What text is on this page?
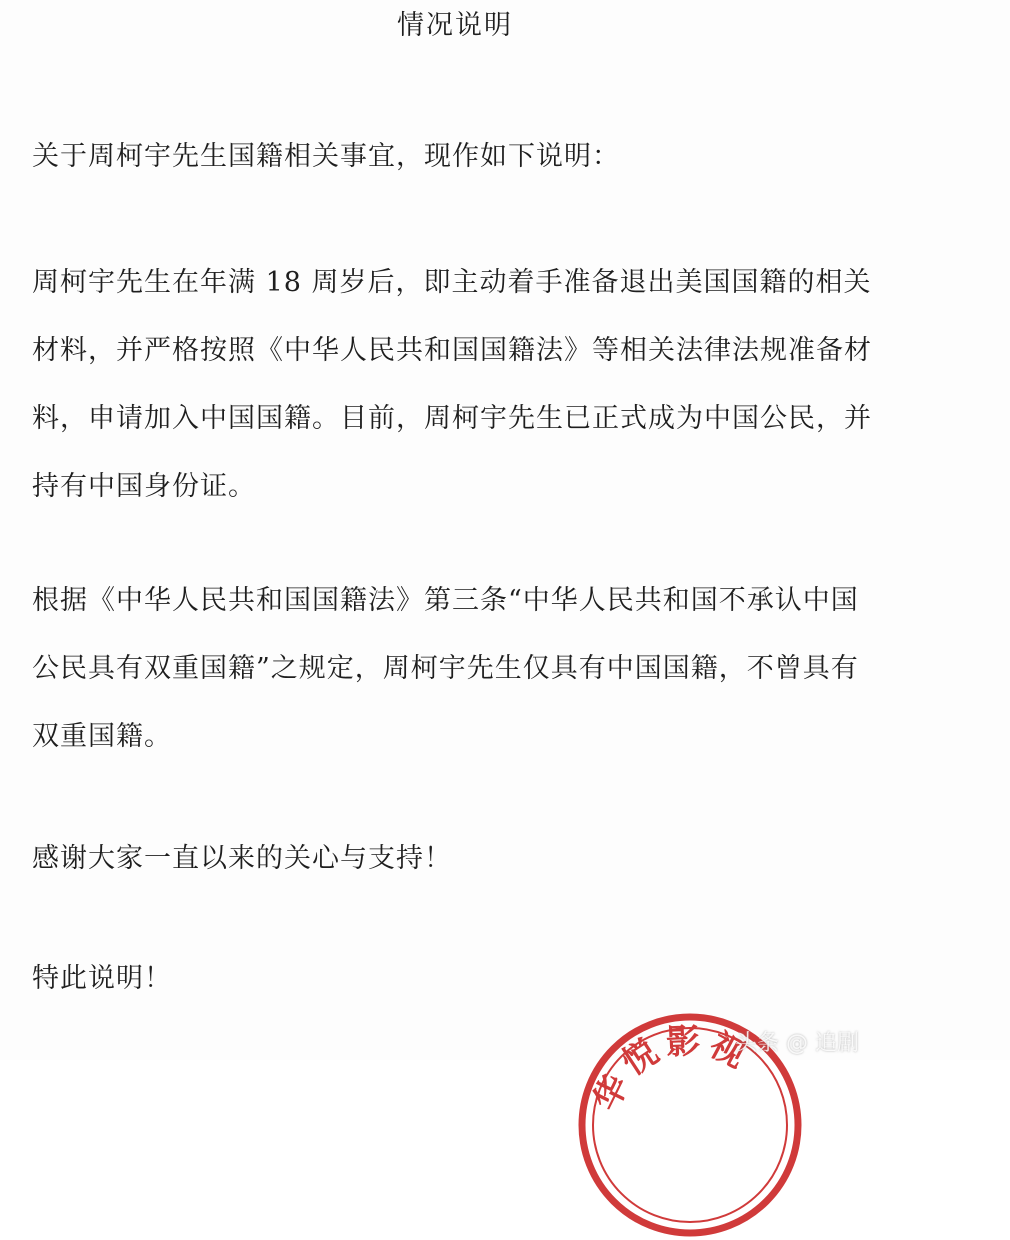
情况说明

关于周柯宇先生国籍相关事宜，现作如下说明：

周柯宇先生在年满 18 周岁后，即主动着手准备退出美国国籍的相关
材料，并严格按照《中华人民共和国国籍法》等相关法律法规准备材
料，申请加入中国国籍。目前，周柯宇先生已正式成为中国公民，并
持有中国身份证。

根据《中华人民共和国国籍法》第三条“中华人民共和国不承认中国
公民具有双重国籍”之规定，周柯宇先生仅具有中国国籍，不曾具有
双重国籍。

感谢大家一直以来的关心与支持！

特此说明！

华悦影视
头条 @ 追剧
